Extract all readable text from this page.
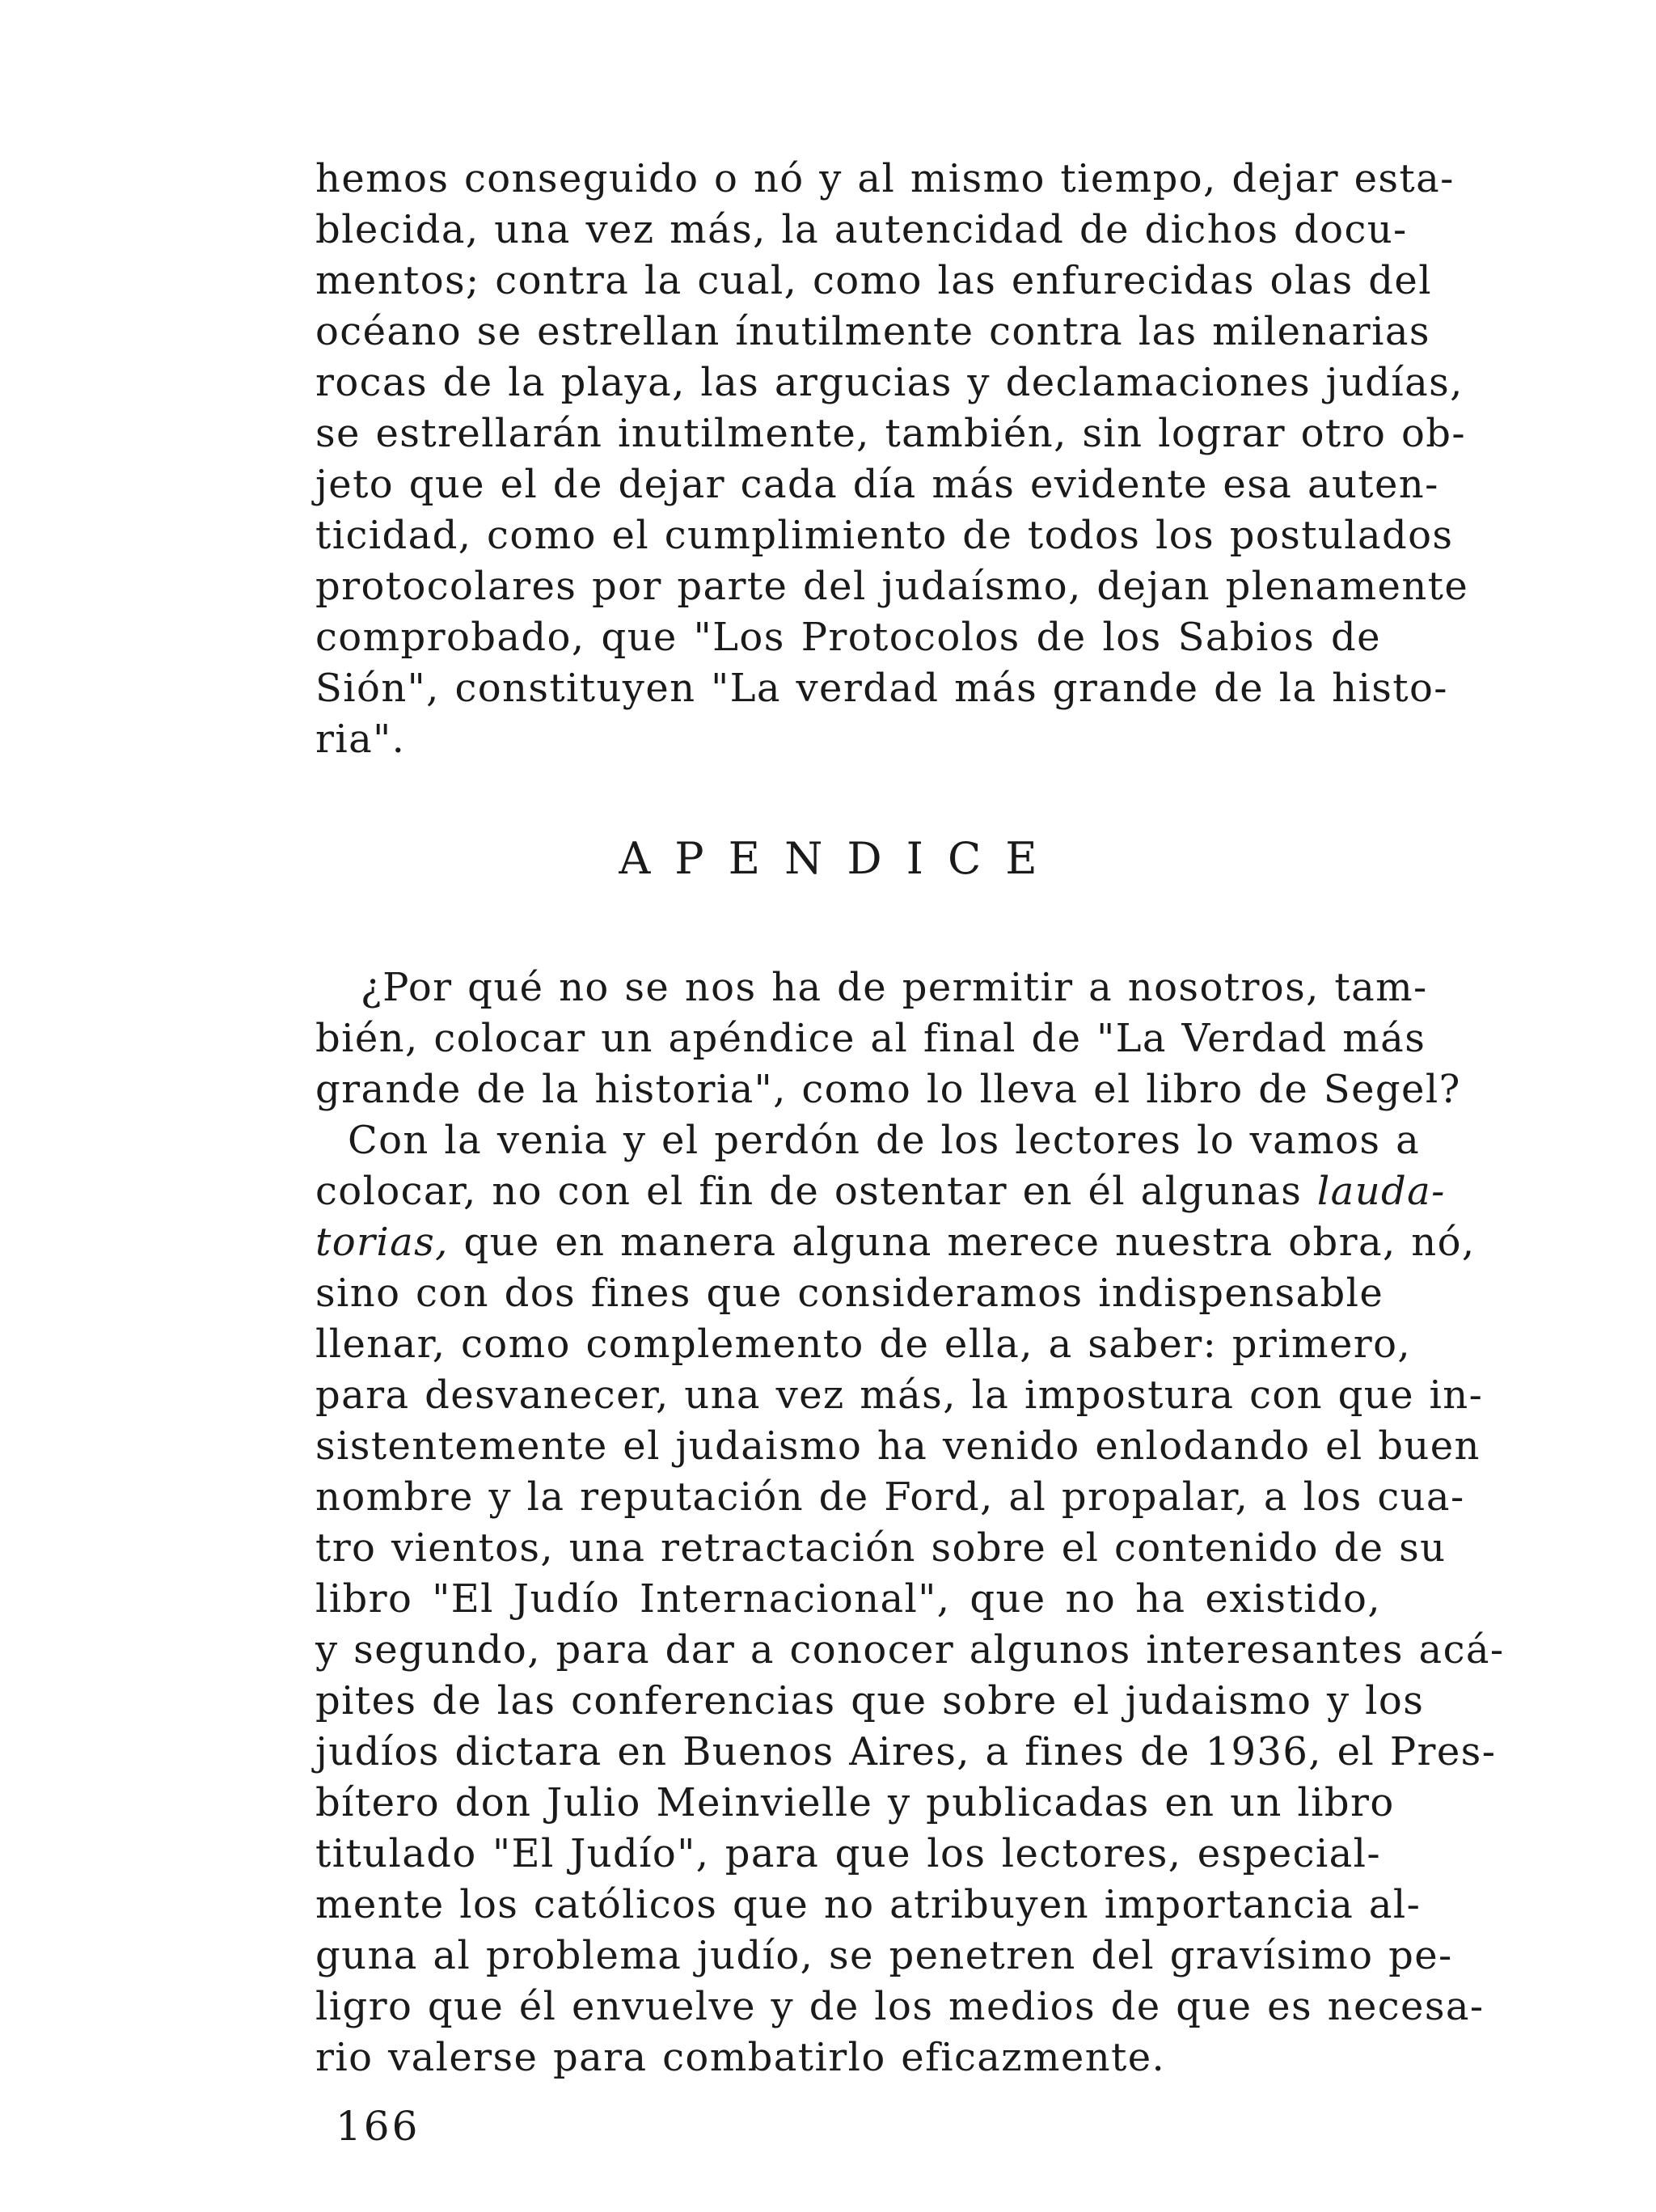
hemos conseguido o nó y al mismo tiempo, dejar esta-
blecida, una vez más, la autencidad de dichos docu-
mentos; contra la cual, como las enfurecidas olas del
océano se estrellan ínutilmente contra las milenarias
rocas de la playa, las argucias y declamaciones judías,
se estrellarán inutilmente, también, sin lograr otro ob-
jeto que el de dejar cada día más evidente esa auten-
ticidad, como el cumplimiento de todos los postulados
protocolares por parte del judaísmo, dejan plenamente
comprobado, que "Los Protocolos de los Sabios de
Sión", constituyen "La verdad más grande de la histo-
ria".
APENDICE
¿Por qué no se nos ha de permitir a nosotros, tam-
bién, colocar un apéndice al final de "La Verdad más
grande de la historia", como lo lleva el libro de Segel?
Con la venia y el perdón de los lectores lo vamos a
colocar, no con el fin de ostentar en él algunas lauda-
torias, que en manera alguna merece nuestra obra, nó,
sino con dos fines que consideramos indispensable
llenar, como complemento de ella, a saber: primero,
para desvanecer, una vez más, la impostura con que in-
sistentemente el judaismo ha venido enlodando el buen
nombre y la reputación de Ford, al propalar, a los cua-
tro vientos, una retractación sobre el contenido de su
libro "El Judío Internacional", que no ha existido,
y segundo, para dar a conocer algunos interesantes acá-
pites de las conferencias que sobre el judaismo y los
judíos dictara en Buenos Aires, a fines de 1936, el Pres-
bítero don Julio Meinvielle y publicadas en un libro
titulado "El Judío", para que los lectores, especial-
mente los católicos que no atribuyen importancia al-
guna al problema judío, se penetren del gravísimo pe-
ligro que él envuelve y de los medios de que es necesa-
rio valerse para combatirlo eficazmente.
166
